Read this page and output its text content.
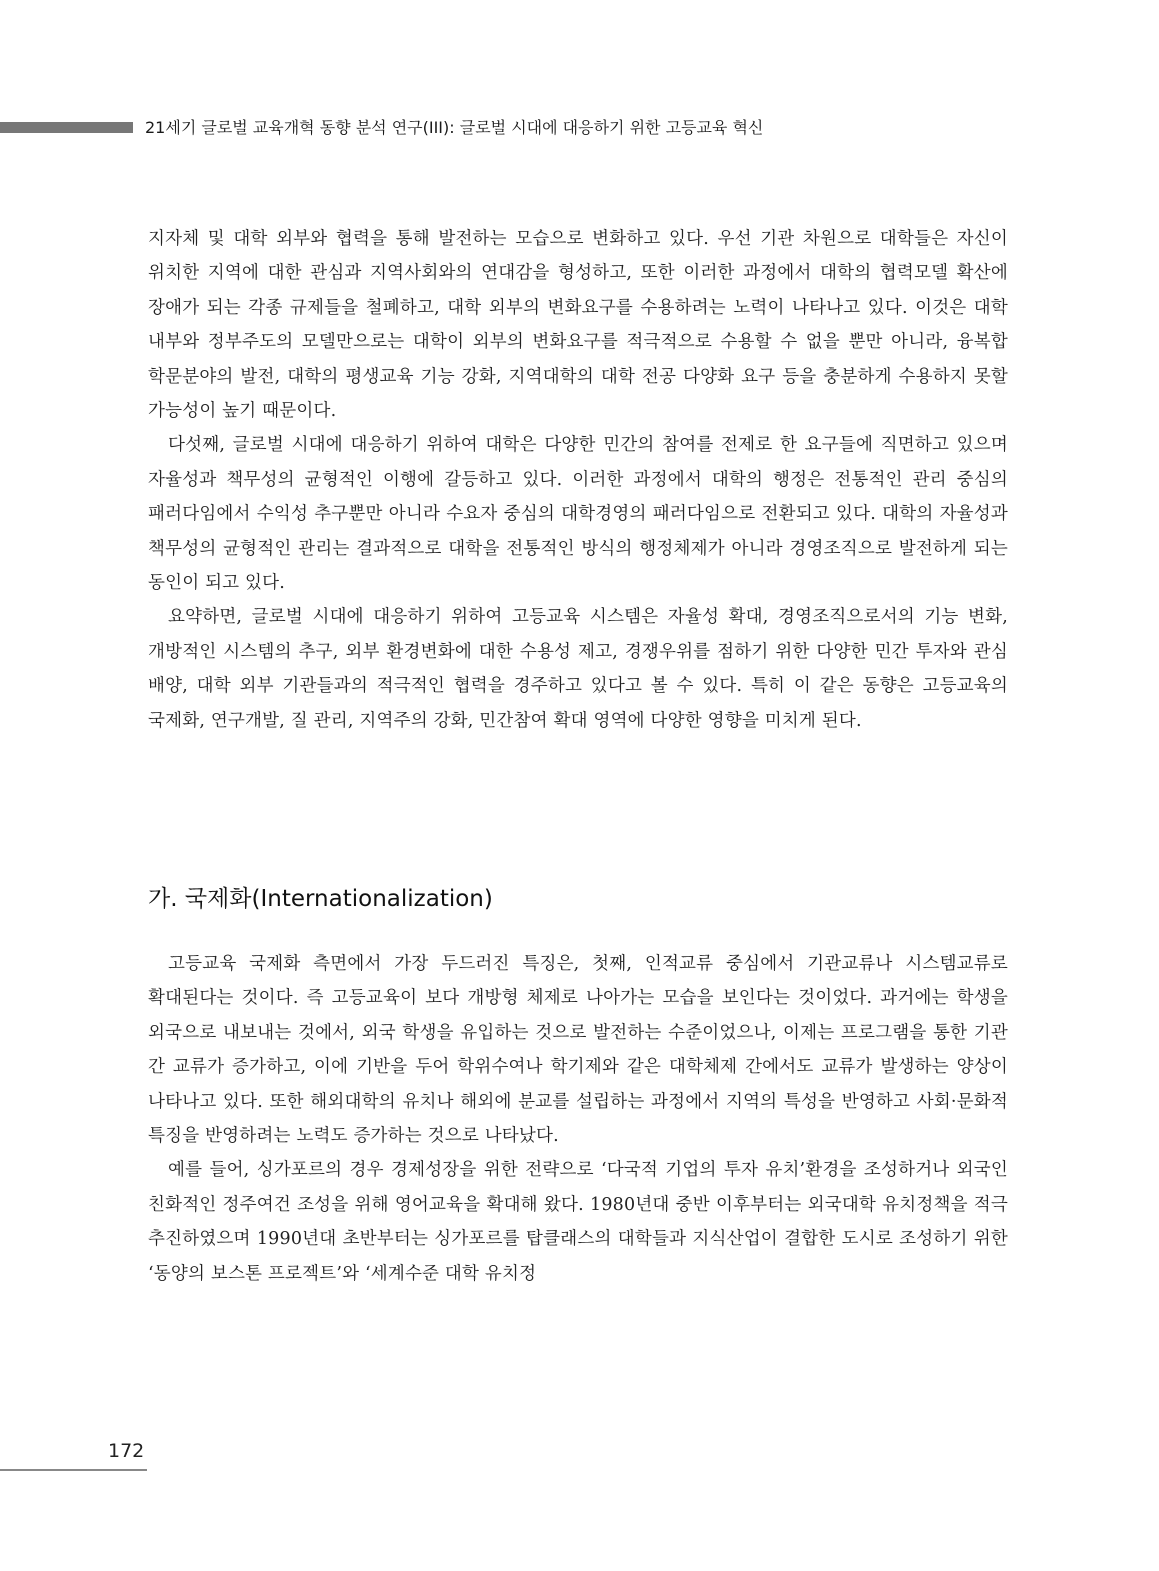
21세기 글로벌 교육개혁 동향 분석 연구(III): 글로벌 시대에 대응하기 위한 고등교육 혁신

지자체 및 대학 외부와 협력을 통해 발전하는 모습으로 변화하고 있다. 우선 기관 차원으로 대학들은 자신이 위치한 지역에 대한 관심과 지역사회와의 연대감을 형성하고, 또한 이러한 과정에서 대학의 협력모델 확산에 장애가 되는 각종 규제들을 철폐하고, 대학 외부의 변화요구를 수용하려는 노력이 나타나고 있다. 이것은 대학 내부와 정부주도의 모델만으로는 대학이 외부의 변화요구를 적극적으로 수용할 수 없을 뿐만 아니라, 융복합 학문분야의 발전, 대학의 평생교육 기능 강화, 지역대학의 대학 전공 다양화 요구 등을 충분하게 수용하지 못할 가능성이 높기 때문이다.

다섯째, 글로벌 시대에 대응하기 위하여 대학은 다양한 민간의 참여를 전제로 한 요구들에 직면하고 있으며 자율성과 책무성의 균형적인 이행에 갈등하고 있다. 이러한 과정에서 대학의 행정은 전통적인 관리 중심의 패러다임에서 수익성 추구뿐만 아니라 수요자 중심의 대학경영의 패러다임으로 전환되고 있다. 대학의 자율성과 책무성의 균형적인 관리는 결과적으로 대학을 전통적인 방식의 행정체제가 아니라 경영조직으로 발전하게 되는 동인이 되고 있다.

요약하면, 글로벌 시대에 대응하기 위하여 고등교육 시스템은 자율성 확대, 경영조직으로서의 기능 변화, 개방적인 시스템의 추구, 외부 환경변화에 대한 수용성 제고, 경쟁우위를 점하기 위한 다양한 민간 투자와 관심 배양, 대학 외부 기관들과의 적극적인 협력을 경주하고 있다고 볼 수 있다. 특히 이 같은 동향은 고등교육의 국제화, 연구개발, 질 관리, 지역주의 강화, 민간참여 확대 영역에 다양한 영향을 미치게 된다.

가. 국제화(Internationalization)

고등교육 국제화 측면에서 가장 두드러진 특징은, 첫째, 인적교류 중심에서 기관교류나 시스템교류로 확대된다는 것이다. 즉 고등교육이 보다 개방형 체제로 나아가는 모습을 보인다는 것이었다. 과거에는 학생을 외국으로 내보내는 것에서, 외국 학생을 유입하는 것으로 발전하는 수준이었으나, 이제는 프로그램을 통한 기관 간 교류가 증가하고, 이에 기반을 두어 학위수여나 학기제와 같은 대학체제 간에서도 교류가 발생하는 양상이 나타나고 있다. 또한 해외대학의 유치나 해외에 분교를 설립하는 과정에서 지역의 특성을 반영하고 사회·문화적 특징을 반영하려는 노력도 증가하는 것으로 나타났다.

예를 들어, 싱가포르의 경우 경제성장을 위한 전략으로 ‘다국적 기업의 투자 유치’환경을 조성하거나 외국인 친화적인 정주여건 조성을 위해 영어교육을 확대해 왔다. 1980년대 중반 이후부터는 외국대학 유치정책을 적극 추진하였으며 1990년대 초반부터는 싱가포르를 탑클래스의 대학들과 지식산업이 결합한 도시로 조성하기 위한 ‘동양의 보스톤 프로젝트’와 ‘세계수준 대학 유치정

172
